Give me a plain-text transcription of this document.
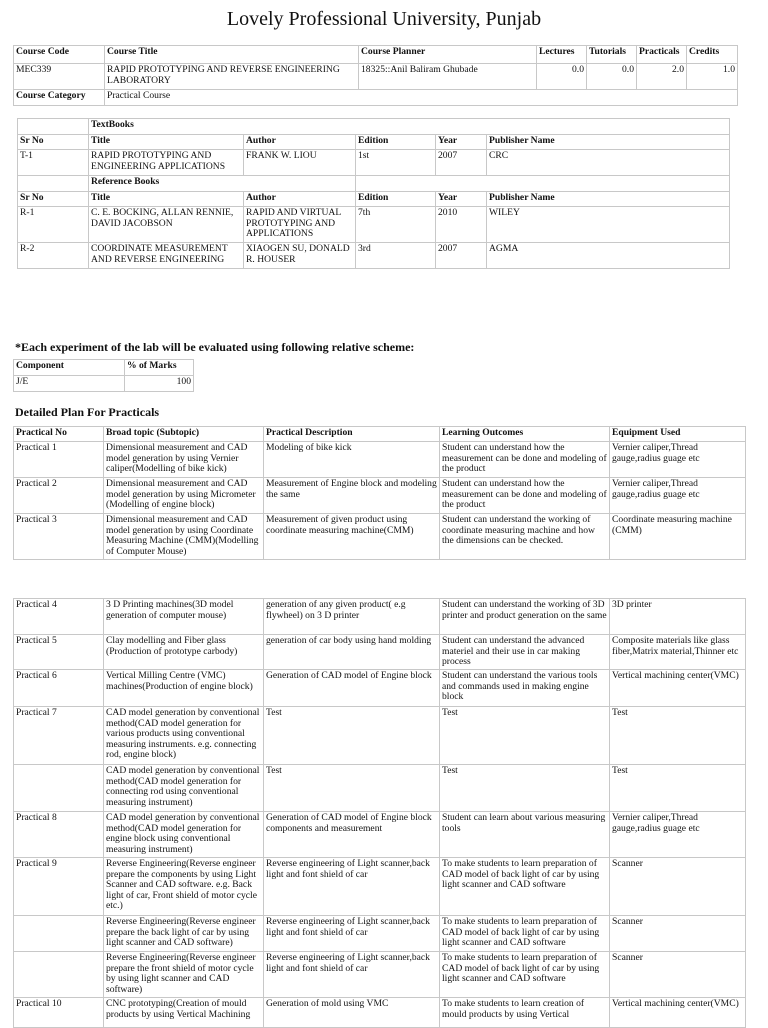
Lovely Professional University, Punjab
Course Code	Course Title	Course Planner	Lectures	Tutorials	Practicals	Credits
MEC339	RAPID PROTOTYPING AND REVERSE ENGINEERING LABORATORY	18325::Anil Baliram Ghubade	0.0	0.0	2.0	1.0
Course Category	Practical Course					
	TextBooks				
Sr No	Title	Author	Edition	Year	Publisher Name
T-1	RAPID PROTOTYPING AND ENGINEERING APPLICATIONS	FRANK W. LIOU	1st	2007	CRC
	Reference Books				
Sr No	Title	Author	Edition	Year	Publisher Name
R-1	C. E. BOCKING, ALLAN RENNIE, DAVID JACOBSON	RAPID AND VIRTUAL PROTOTYPING AND APPLICATIONS	7th	2010	WILEY
R-2	COORDINATE MEASUREMENT AND REVERSE ENGINEERING	XIAOGEN SU, DONALD R. HOUSER	3rd	2007	AGMA
*Each experiment of the lab will be evaluated using following relative scheme:
Component	% of Marks
J/E	100
Detailed Plan For Practicals
Practical No	Broad topic (Subtopic)	Practical Description	Learning Outcomes	Equipment Used
Practical 1	Dimensional measurement and CAD model generation by using Vernier caliper(Modelling of bike kick)	Modeling of bike kick	Student can understand how the measurement can be done and modeling of the product	Vernier caliper,Thread gauge,radius guage etc
Practical 2	Dimensional measurement and CAD model generation by using Micrometer (Modelling of engine block)	Measurement of Engine block and modeling the same	Student can understand how the measurement can be done and modeling of the product	Vernier caliper,Thread gauge,radius guage etc
Practical 3	Dimensional measurement and CAD model generation by using Coordinate Measuring Machine (CMM)(Modelling of Computer Mouse)	Measurement of given product using coordinate measuring machine(CMM)	Student can understand the working of coordinate measuring machine and how the dimensions can be checked.	Coordinate measuring machine (CMM)
Practical 4	3 D Printing machines(3D model generation of computer mouse)	generation of any given product( e.g flywheel) on 3 D printer	Student can understand the working of 3D printer and product generation on the same	3D printer
Practical 5	Clay modelling and Fiber glass (Production of prototype carbody)	generation of car body using hand molding	Student can understand the advanced materiel and their use in car making process	Composite materials like glass fiber,Matrix material,Thinner etc
Practical 6	Vertical Milling Centre (VMC) machines(Production of engine block)	Generation of CAD model of Engine block	Student can understand the various tools and commands used in making engine block	Vertical machining center(VMC)
Practical 7	CAD model generation by conventional method(CAD model generation for various products using conventional measuring instruments. e.g. connecting rod, engine block)	Test	Test	Test
	CAD model generation by conventional method(CAD model generation for connecting rod using conventional measuring instrument)	Test	Test	Test
Practical 8	CAD model generation by conventional method(CAD model generation for engine block using conventional measuring instrument)	Generation of CAD model of Engine block components and measurement	Student can learn about various measuring tools	Vernier caliper,Thread gauge,radius guage etc
Practical 9	Reverse Engineering(Reverse engineer prepare the components by using Light Scanner and CAD software. e.g. Back light of car, Front shield of motor cycle etc.)	Reverse engineering of Light scanner,back light and font shield of car	To make students to learn preparation of CAD model of back light of car by using light scanner and CAD software	Scanner
	Reverse Engineering(Reverse engineer prepare the back light of car by using light scanner and CAD software)	Reverse engineering of Light scanner,back light and font shield of car	To make students to learn preparation of CAD model of back light of car by using light scanner and CAD software	Scanner
	Reverse Engineering(Reverse engineer prepare the front shield of motor cycle by using light scanner and CAD software)	Reverse engineering of Light scanner,back light and font shield of car	To make students to learn preparation of CAD model of back light of car by using light scanner and CAD software	Scanner
Practical 10	CNC prototyping(Creation of mould products by using Vertical Machining	Generation of mold using VMC	To make students to learn creation of mould products by using Vertical	Vertical machining center(VMC)
